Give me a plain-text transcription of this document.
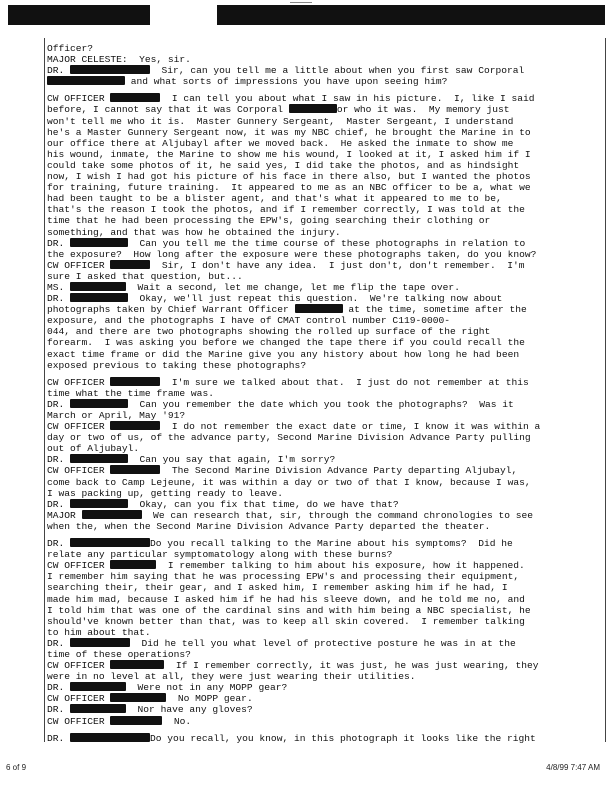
Officer?
MAJOR CELESTE:  Yes, sir.
DR.	Sir, can you tell me a little about when you first saw Corporal
and what sorts of impressions you have upon seeing him?
CW OFFICER	I can tell you about what I saw in his picture.  I, like I said
before, I cannot say that it was Corporal	or who it was.  My memory just
won't tell me who it is.  Master Gunnery Sergeant,  Master Sergeant, I understand
he's a Master Gunnery Sergeant now, it was my NBC chief, he brought the Marine in to
our office there at Aljubayl after we moved back.  He asked the inmate to show me
his wound, inmate, the Marine to show me his wound, I looked at it, I asked him if I
could take some photos of it, he said yes, I did take the photos, and as hindsight
now, I wish I had got his picture of his face in there also, but I wanted the photos
for training, future training.  It appeared to me as an NBC officer to be a, what we
had been taught to be a blister agent, and that's what it appeared to me to be,
that's the reason I took the photos, and if I remember correctly, I was told at the
time that he had been processing the EPW's, going searching their clothing or
something, and that was how he obtained the injury.
DR.	Can you tell me the time course of these photographs in relation to
the exposure?  How long after the exposure were these photographs taken, do you know?
CW OFFICER	Sir, I don't have any idea.  I just don't, don't remember.  I'm
sure I asked that question, but...
MS.	Wait a second, let me change, let me flip the tape over.
DR.	Okay, we'll just repeat this question.  We're talking now about
photographs taken by Chief Warrant Officer	at the time, sometime after the
exposure, and the photographs I have of CMAT control number C119-0000-
044, and there are two photographs showing the rolled up surface of the right
forearm.  I was asking you before we changed the tape there if you could recall the
exact time frame or did the Marine give you any history about how long he had been
exposed previous to taking these photographs?
CW OFFICER	I'm sure we talked about that.  I just do not remember at this
time what the time frame was.
DR.	Can you remember the date which you took the photographs?  Was it
March or April, May '91?
CW OFFICER	I do not remember the exact date or time, I know it was within a
day or two of us, of the advance party, Second Marine Division Advance Party pulling
out of Aljubayl.
DR.	Can you say that again, I'm sorry?
CW OFFICER	The Second Marine Division Advance Party departing Aljubayl,
come back to Camp Lejeune, it was within a day or two of that I know, because I was,
I was packing up, getting ready to leave.
DR.	Okay, can you fix that time, do we have that?
MAJOR	We can research that, sir, through the command chronologies to see
when the, when the Second Marine Division Advance Party departed the theater.
DR.	Do you recall talking to the Marine about his symptoms?  Did he
relate any particular symptomatology along with these burns?
CW OFFICER	I remember talking to him about his exposure, how it happened.
I remember him saying that he was processing EPW's and processing their equipment,
searching their, their gear, and I asked him, I remember asking him if he had, I
made him mad, because I asked him if he had his sleeve down, and he told me no, and
I told him that was one of the cardinal sins and with him being a NBC specialist, he
should've known better than that, was to keep all skin covered.  I remember talking
to him about that.
DR.	Did he tell you what level of protective posture he was in at the
time of these operations?
CW OFFICER	If I remember correctly, it was just, he was just wearing, they
were in no level at all, they were just wearing their utilities.
DR.	Were not in any MOPP gear?
CW OFFICER	No MOPP gear.
DR.	Nor have any gloves?
CW OFFICER	No.
DR.	Do you recall, you know, in this photograph it looks like the right
6 of 9	4/8/99 7:47 AM
